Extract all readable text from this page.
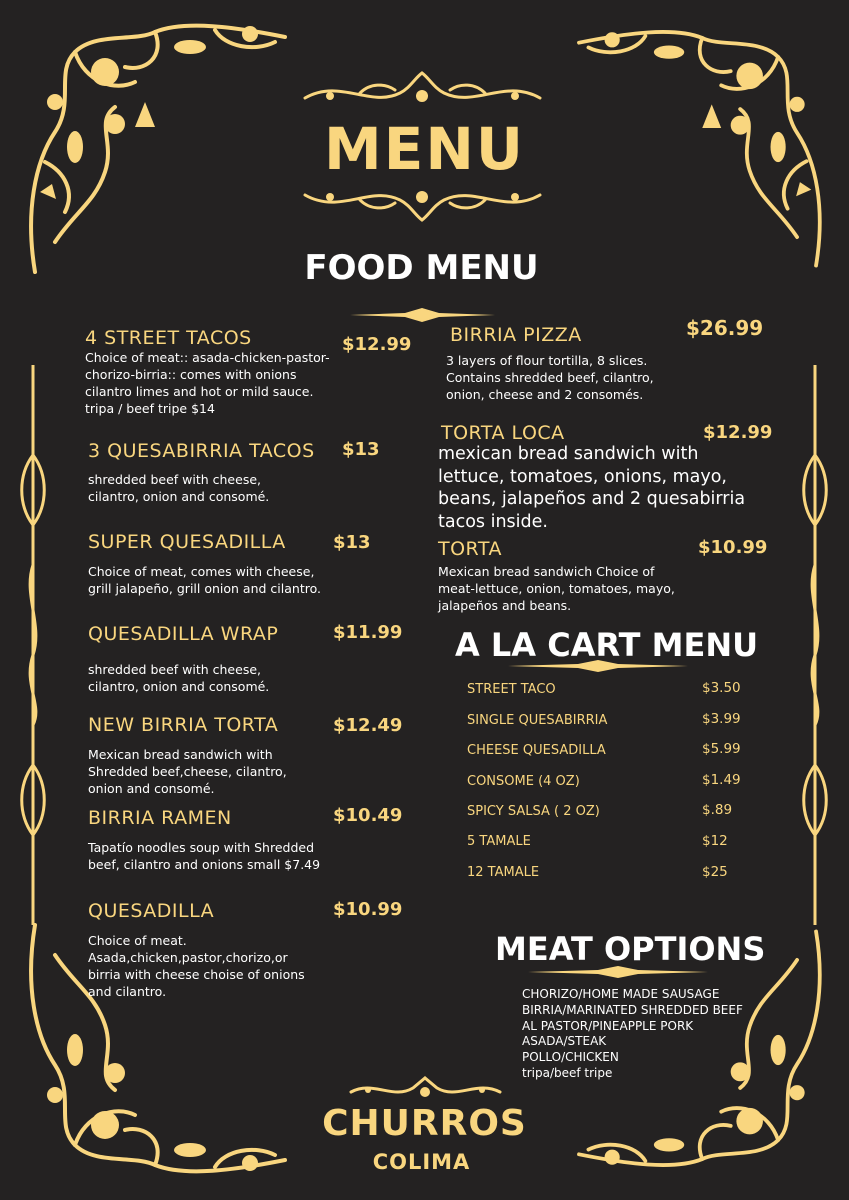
MENU
FOOD MENU
A LA CART MENU
MEAT OPTIONS
4 STREET TACOS	$12.99
Choice of meat:: asada-chicken-pastor-chorizo-birria:: comes with onions cilantro limes and hot or mild sauce. tripa / beef tripe $14
3 QUESABIRRIA TACOS $13
shredded beef with cheese, cilantro, onion and consomé.
SUPER QUESADILLA	$13
Choice of meat, comes with cheese, grill jalapeño, grill onion and cilantro.
QUESADILLA WRAP	$11.99
shredded beef with cheese, cilantro, onion and consomé.
NEW BIRRIA TORTA	$12.49
Mexican bread sandwich with Shredded beef,cheese, cilantro, onion and consomé.
BIRRIA RAMEN	$10.49
Tapatío noodles soup with Shredded beef, cilantro and onions small $7.49
QUESADILLA	$10.99
Choice of meat. Asada,chicken,pastor,chorizo,or birria with cheese choise of onions and cilantro.
BIRRIA PIZZA	$26.99
3 layers of flour tortilla, 8 slices. Contains shredded beef, cilantro, onion, cheese and 2 consomés.
TORTA LOCA	$12.99
mexican bread sandwich with lettuce, tomatoes, onions, mayo, beans, jalapeños and 2 quesabirria tacos inside.
TORTA	$10.99
Mexican bread sandwich Choice of meat-lettuce, onion, tomatoes, mayo, jalapeños and beans.
STREET TACO	$3.50
SINGLE QUESABIRRIA	$3.99
CHEESE QUESADILLA	$5.99
CONSOME (4 OZ)	$1.49
SPICY SALSA ( 2 OZ)	$.89
5 TAMALE	$12
12 TAMALE	$25
CHORIZO/HOME MADE SAUSAGE
BIRRIA/MARINATED SHREDDED BEEF
AL PASTOR/PINEAPPLE PORK
ASADA/STEAK
POLLO/CHICKEN
tripa/beef tripe
CHURROS
COLIMA
